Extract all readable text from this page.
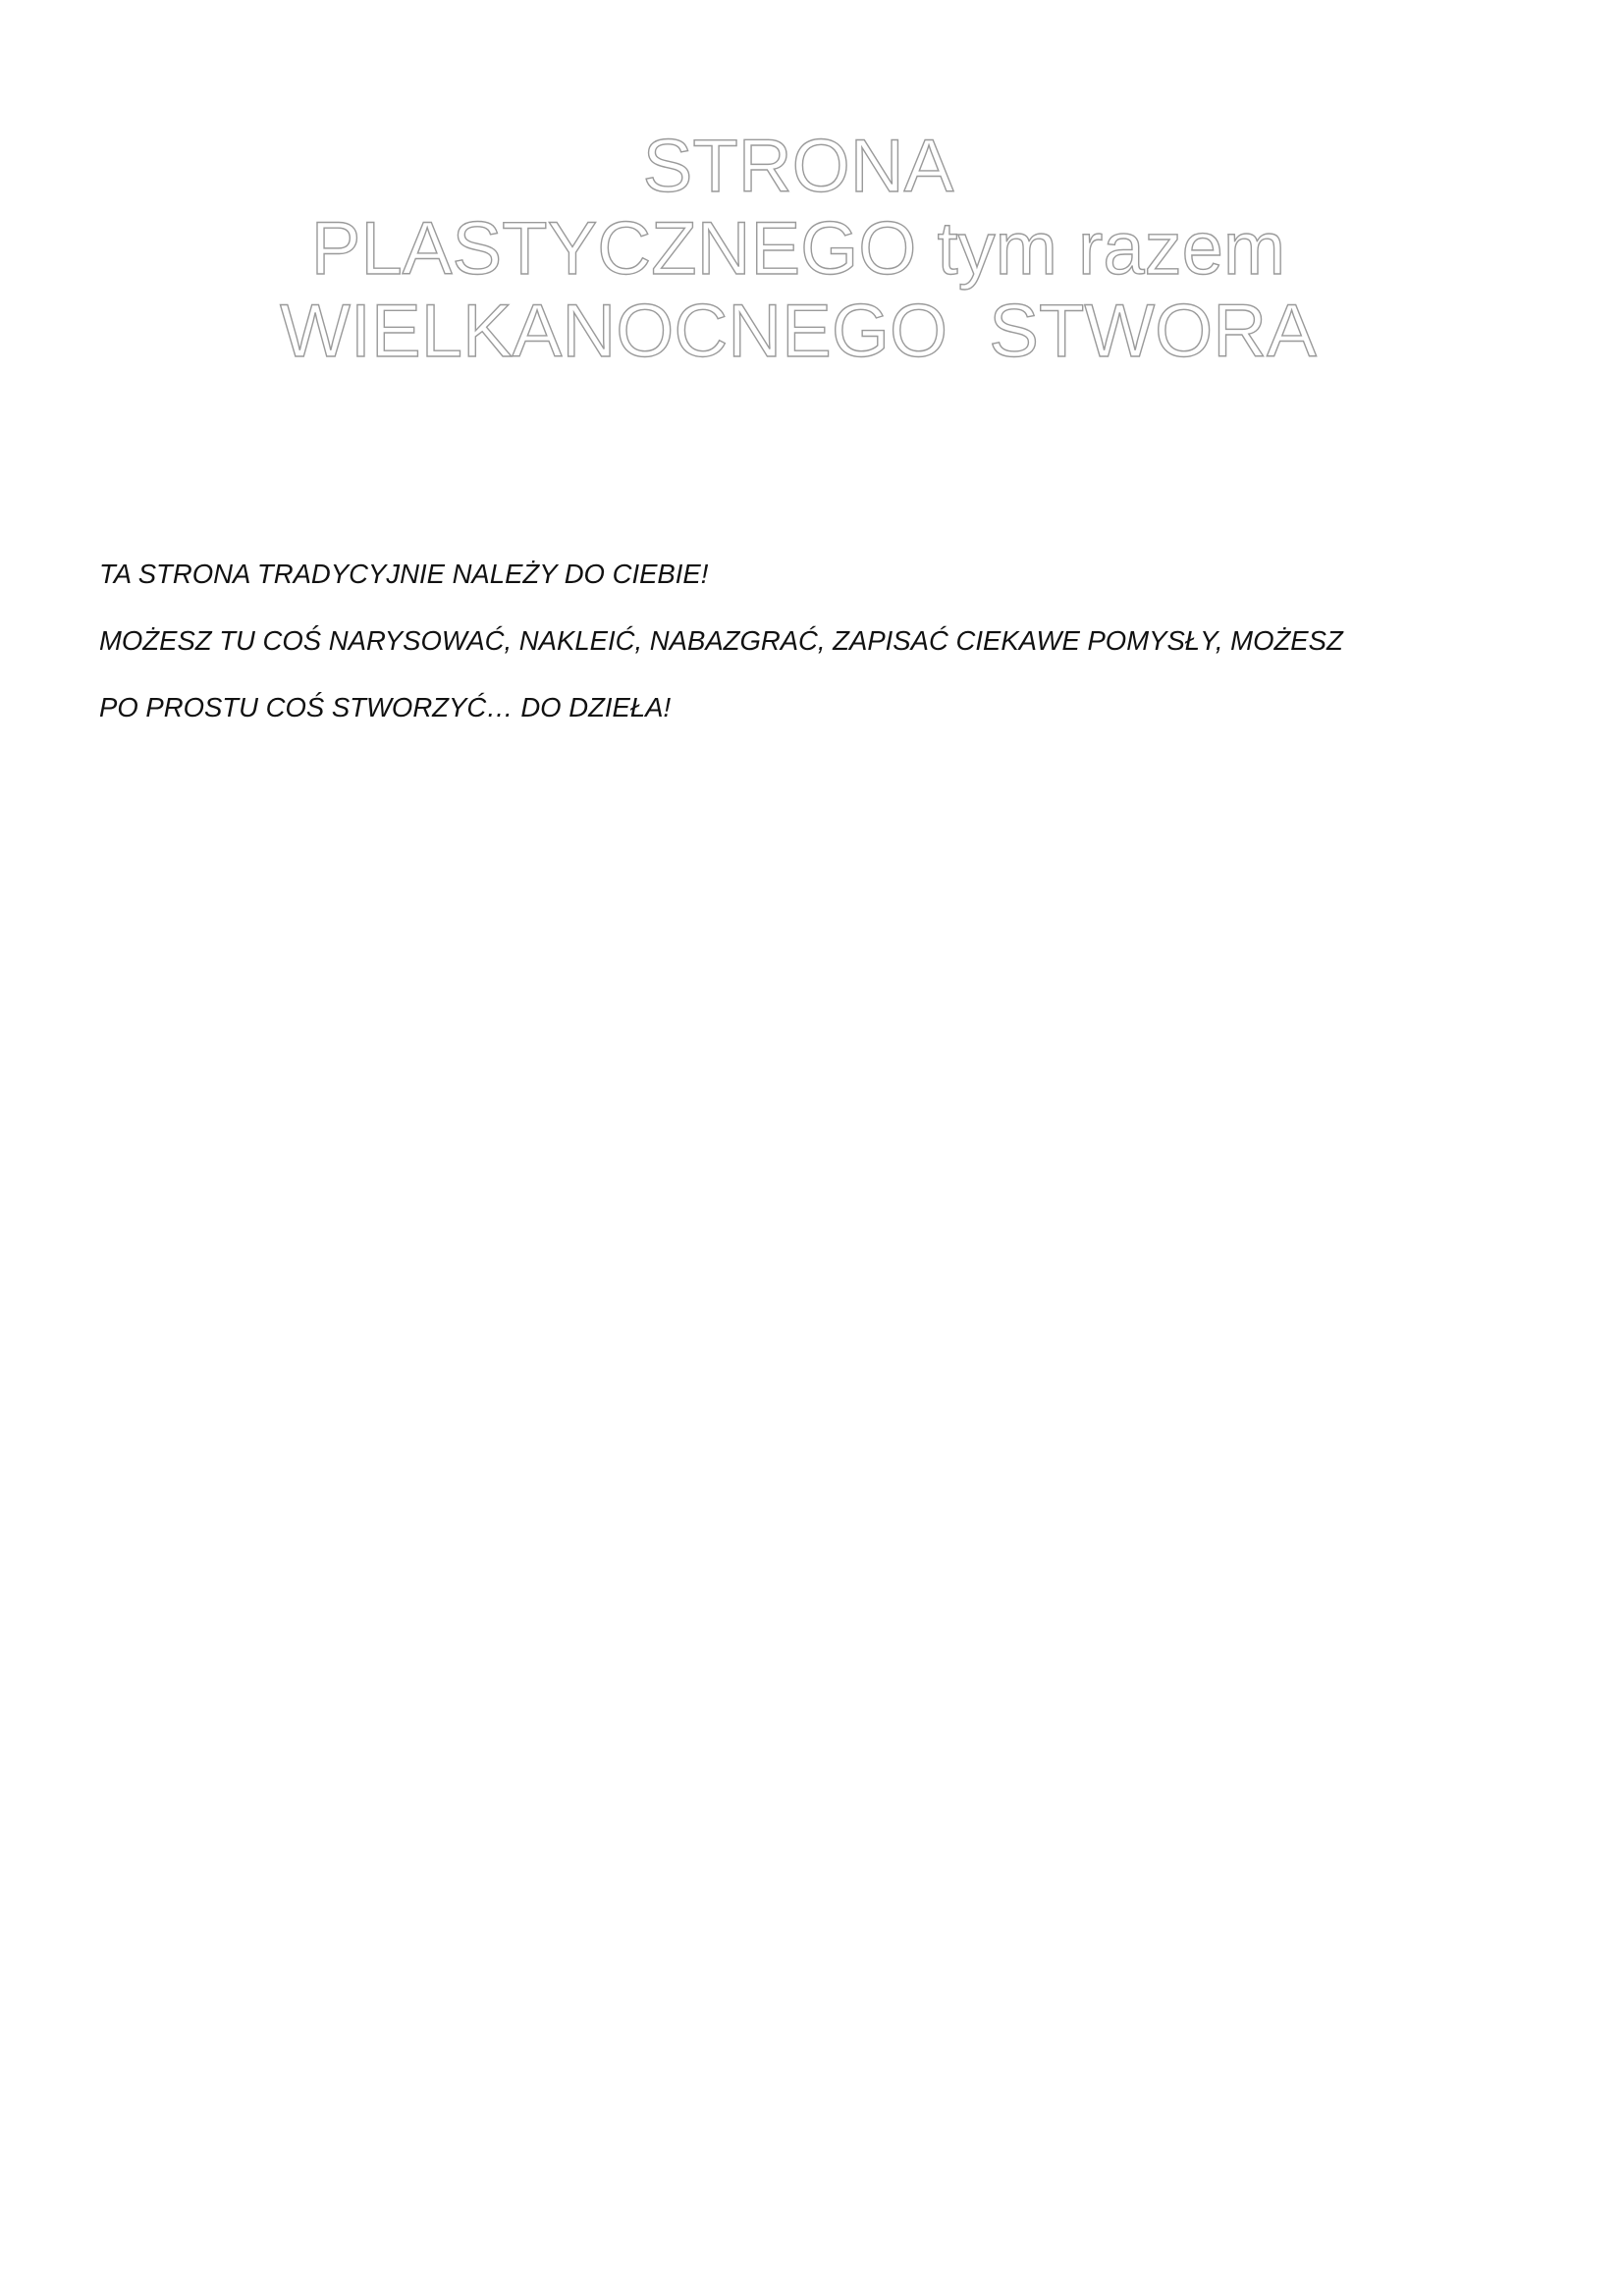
STRONA
PLASTYCZNEGO tym razem
WIELKANOCNEGO  STWORA
TA STRONA TRADYCYJNIE NALEŻY DO CIEBIE!
MOŻESZ TU COŚ NARYSOWAĆ, NAKLEIĆ, NABAZGRAĆ, ZAPISAĆ CIEKAWE POMYSŁY, MOŻESZ
PO PROSTU COŚ STWORZYĆ… DO DZIEŁA!
